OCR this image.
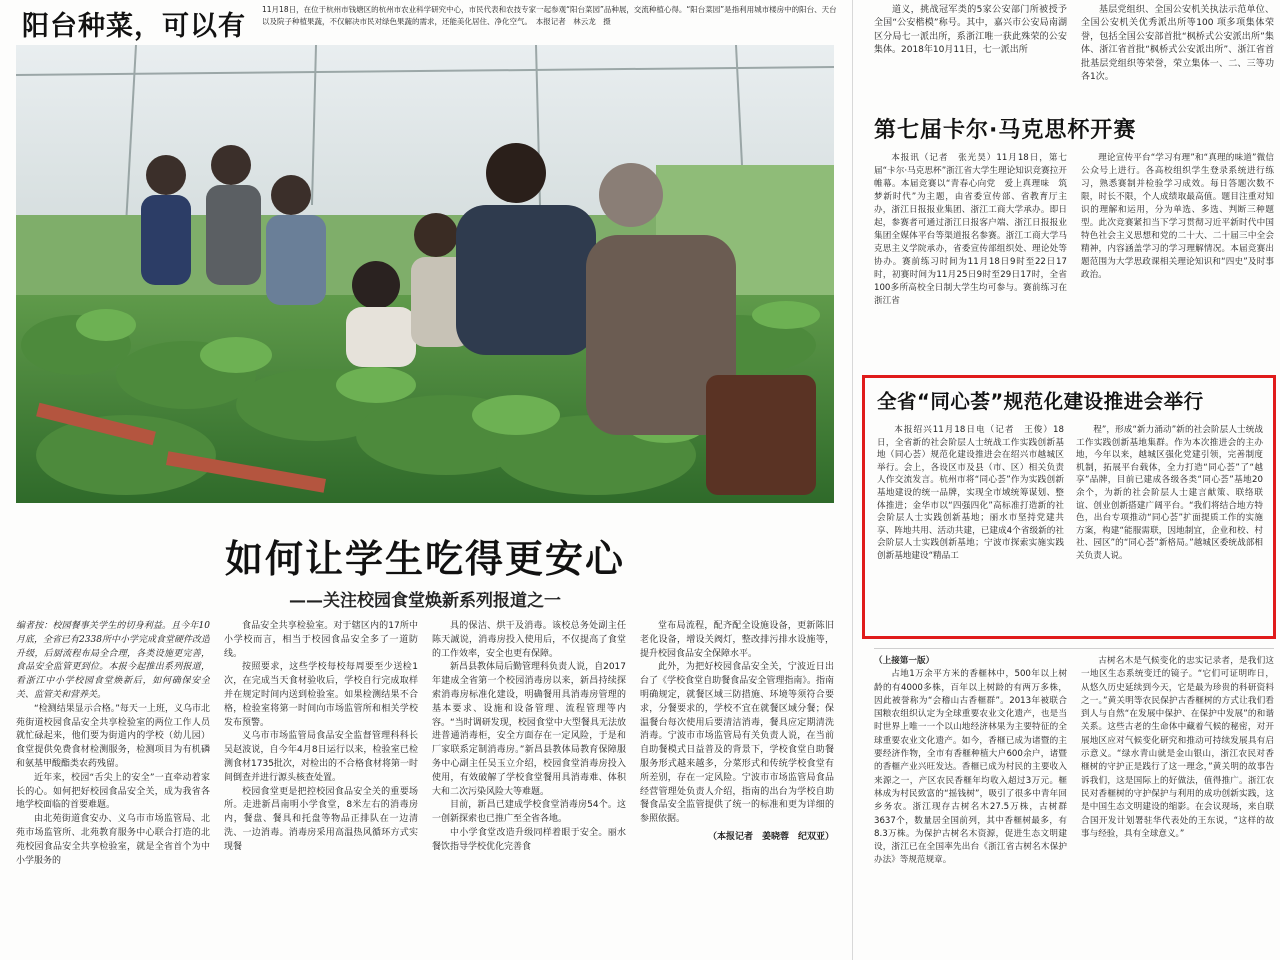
阳台种菜，可以有
11月18日，在位于杭州市钱塘区的杭州市农业科学研究中心，市民代表和农技专家一起参观“阳台菜园”品种展，交流种植心得。“阳台菜园”是指利用城市楼房中的阳台、天台以及院子种植果蔬，不仅解决市民对绿色果蔬的需求，还能美化居住、净化空气。　本报记者　林云龙　摄
如何让学生吃得更安心
——关注校园食堂焕新系列报道之一

编者按：校园餐事关学生的切身利益。且今年10月底，全省已有2338所中小学完成食堂硬件改造升级，后厨流程布局全合理，各类设施更完善，食品安全监管更到位。本报今起推出系列报道，看浙江中小学校园食堂焕新后，如何确保安全关、监管关和营养关。

“检测结果显示合格。”每天一上班，义乌市北苑街道校园食品安全共享检验室的两位工作人员就忙碌起来，他们要为街道内的学校（幼儿园）食堂提供免费食材检测服务，检测项目为有机磷和氨基甲酸酯类农药残留。

近年来，校园“舌尖上的安全”一直牵动着家长的心。如何把好校园食品安全关，成为我省各地学校面临的首要难题。

由北苑街道食安办、义乌市市场监管局、北苑市场监管所、北苑教育服务中心联合打造的北苑校园食品安全共享检验室，就是全省首个为中小学服务的

食品安全共享检验室。对于辖区内的17所中小学校而言，相当于校园食品安全多了一道防线。

按照要求，这些学校每校每周要至少送检1次，在完成当天食材验收后，学校自行完成取样并在规定时间内送到检验室。如果检测结果不合格，检验室将第一时间向市场监管所和相关学校发布预警。

义乌市市场监管局食品安全监督管理科科长吴赵波说，自今年4月8日运行以来，检验室已检测食材1735批次，对检出的不合格食材将第一时间倒查并进行源头核查处置。

校园食堂更是把控校园食品安全关的重要场所。走进新昌南明小学食堂，8米左右的消毒房内，餐盘、餐具和托盘等物品正排队在一边清洗、一边消毒。消毒房采用高温热风循环方式实现餐

具的保洁、烘干及消毒。该校总务处副主任陈天誠说，消毒房投入使用后，不仅提高了食堂的工作效率，安全也更有保障。

新昌县教体局后勤管理科负责人说，自2017年建成全省第一个校园消毒房以来，新昌持续探索消毒房标准化建设，明确餐用具消毒房管理的基本要求、设施和设备管理、流程管理等内容。“当时调研发现，校园食堂中大型餐具无法放进普通消毒柜，安全方面存在一定风险，于是和厂家联系定制消毒房。”新昌县教体局教育保障服务中心副主任吴玉立介绍，校园食堂消毒房投入使用，有效破解了学校食堂餐用具消毒难、体积大和二次污染风险大等难题。

目前，新昌已建成学校食堂消毒房54个。这一创新探索也已推广至全省各地。

中小学食堂改造升级同样着眼于安全。丽水餐饮指导学校优化完善食

堂布局流程，配齐配全设施设备，更新陈旧老化设备，增设关阀灯，整改排污排水设施等，提升校园食品安全保障水平。

此外，为把好校园食品安全关，宁波近日出台了《学校食堂自助餐食品安全管理指南》。指南明确规定，就餐区域三防措施、环境等须符合要求，分餐要求的，学校不宜在就餐区域分餐；保温餐台每次使用后要清洁消毒，餐具应定期清洗消毒。宁波市市场监管局有关负责人说，在当前自助餐模式日益普及的背景下，学校食堂自助餐服务形式越来越多，分菜形式和传统学校食堂有所差别，存在一定风险。宁波市市场监管局食品经营管理处负责人介绍，指南的出台为学校自助餐食品安全监管提供了统一的标准和更为详细的参照依据。

（本报记者　姜晓蓉　纪双亚）

道义，挑战冠军类的5家公安部门所被授予全国“公安楷模”称号。其中，嘉兴市公安局南湖区分局七一派出所，系浙江唯一获此殊荣的公安集体。2018年10月11日，七一派出所

基层党组织、全国公安机关执法示范单位、全国公安机关优秀派出所等100 项多项集体荣誉，包括全国公安部首批“枫桥式公安派出所”集体、浙江省首批“枫桥式公安派出所”、浙江省首批基层党组织等荣誉，荣立集体一、二、三等功各1次。

第七届卡尔·马克思杯开赛

本报讯（记者　张光昊）11月18日，第七届“卡尔·马克思杯”浙江省大学生理论知识竞赛拉开帷幕。本届竞赛以“青春心向党　爱上真理味　筑梦新时代”为主题，由省委宣传部、省教育厅主办，浙江日报报业集团、浙江工商大学承办。即日起，参赛者可通过浙江日报客户端、浙江日报报业集团全媒体平台等渠道报名参赛。浙江工商大学马克思主义学院承办，省委宣传部组织处、理论处等协办。赛前练习时间为11月18日9时至22日17时，初赛时间为11月25日9时至29日17时，全省100多所高校全日制大学生均可参与。赛前练习在浙江省

理论宣传平台“学习有理”和“真理的味道”微信公众号上进行。各高校组织学生登录系统进行练习，熟悉赛制并检验学习成效。每日答题次数不限，时长不限，个人成绩取最高值。题目注重对知识的理解和运用，分为单选、多选、判断三种题型。此次竞赛紧扣当下学习贯彻习近平新时代中国特色社会主义思想和党的二十大、二十届三中全会精神，内容涵盖学习的学习理解情况。本届竞赛出题范围为大学思政课相关理论知识和“四史”及时事政治。

全省“同心荟”规范化建设推进会举行

本报绍兴11月18日电（记者　王俊）18日，全省新的社会阶层人士统战工作实践创新基地（同心荟）规范化建设推进会在绍兴市越城区举行。会上，各设区市及县（市、区）相关负责人作交流发言。杭州市将“同心荟”作为实践创新基地建设的统一品牌，实现全市域统筹谋划、整体推进；金华市以“四强四化”高标准打造新的社会阶层人士实践创新基地；丽水市坚持党建共享、阵地共用、活动共建，已建成4个省级新的社会阶层人士实践创新基地；宁波市探索实施实践创新基地建设“精品工

程”，形成“新力涌动”新的社会阶层人士统战工作实践创新基地集群。作为本次推进会的主办地，今年以来，越城区强化党建引领，完善制度机制，拓展平台载体，全力打造“同心荟”了“越享”品牌，目前已建成各级各类“同心荟”基地20余个，为新的社会阶层人士建言献策、联络联谊、创业创新搭建广阔平台。“我们将结合地方特色，出台专项推动“同心荟”扩面提质工作的实施方案，构建“能服需联，因地制宜，企业和校、村社、园区”的“同心荟”新格局。”越城区委统战部相关负责人说。

（上接第一版）

占地1万余平方米的香榧林中，500年以上树龄的有4000多株，百年以上树龄的有两万多株，因此被誉称为“会稽山古香榧群”。2013年被联合国粮农组织认定为全球重要农业文化遗产，也是当时世界上唯一一个以山地经济林果为主要特征的全球重要农业文化遗产。如今，香榧已成为诸暨的主要经济作物，全市有香榧种植大户600余户，诸暨的香榧产业兴旺发达。香榧已成为村民的主要收入来源之一，产区农民香榧年均收入超过3万元。榧林成为村民致富的“摇钱树”，吸引了很多中青年回乡务农。浙江现存古树名木27.5万株，古树群3637个，数量居全国前列，其中香榧树最多，有8.3万株。为保护古树名木资源，促进生态文明建设，浙江已在全国率先出台《浙江省古树名木保护办法》等规范规章。

古树名木是气候变化的忠实记录者，是我们这一地区生态系统变迁的镜子。“它们可证明昨日，从悠久历史延续到今天，它是最为珍贵的科研资料之一。”黄关明等农民保护古香榧树的方式让我们看到人与自然“在发展中保护、在保护中发展”的和谐关系。这些古老的生命体中藏着气候的秘密，对开展地区应对气候变化研究和推动可持续发展具有启示意义。“绿水青山就是金山银山，浙江农民对香榧树的守护正是践行了这一理念，”黄关明的故事告诉我们，这是国际上的好做法，值得推广。浙江农民对香榧树的守护保护与利用的成功创新实践，这是中国生态文明建设的缩影。在会议现场，来自联合国开发计划署驻华代表处的王东说，“这样的故事与经验，具有全球意义。”
